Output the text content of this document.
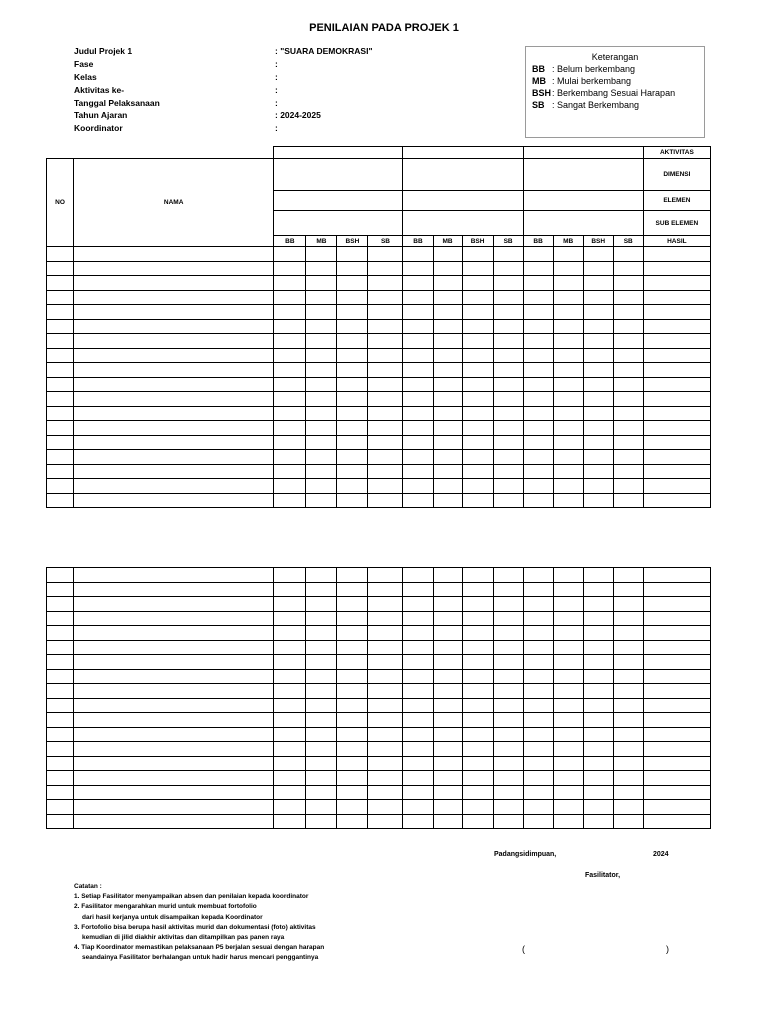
PENILAIAN PADA PROJEK 1
Judul Projek 1	: "SUARA DEMOKRASI"
Fase	:
Kelas	:
Aktivitas ke-	:
Tanggal Pelaksanaan	:
Tahun Ajaran	: 2024-2025
Koordinator	:
Keterangan
BB : Belum berkembang
MB : Mulai berkembang
BSH : Berkembang Sesuai Harapan
SB : Sangat Berkembang
														AKTIVITAS
NO	NAMA													DIMENSI
														ELEMEN
														SUB ELEMEN
		BB	MB	BSH	SB	BB	MB	BSH	SB	BB	MB	BSH	SB	HASIL

Padangsidimpuan,	2024
Fasilitator,
(	)
Catatan :
1. Setiap Fasilitator menyampaikan absen dan penilaian kepada koordinator
2. Fasilitator mengarahkan murid untuk membuat fortofolio
dari hasil kerjanya untuk disampaikan kepada Koordinator
3. Fortofolio bisa berupa hasil aktivitas murid dan dokumentasi (foto) aktivitas
kemudian di jilid diakhir aktivitas dan ditampilkan pas panen raya
4. Tiap Koordinator memastikan pelaksanaan P5 berjalan sesuai dengan harapan
seandainya Fasilitator berhalangan untuk hadir harus mencari penggantinya
